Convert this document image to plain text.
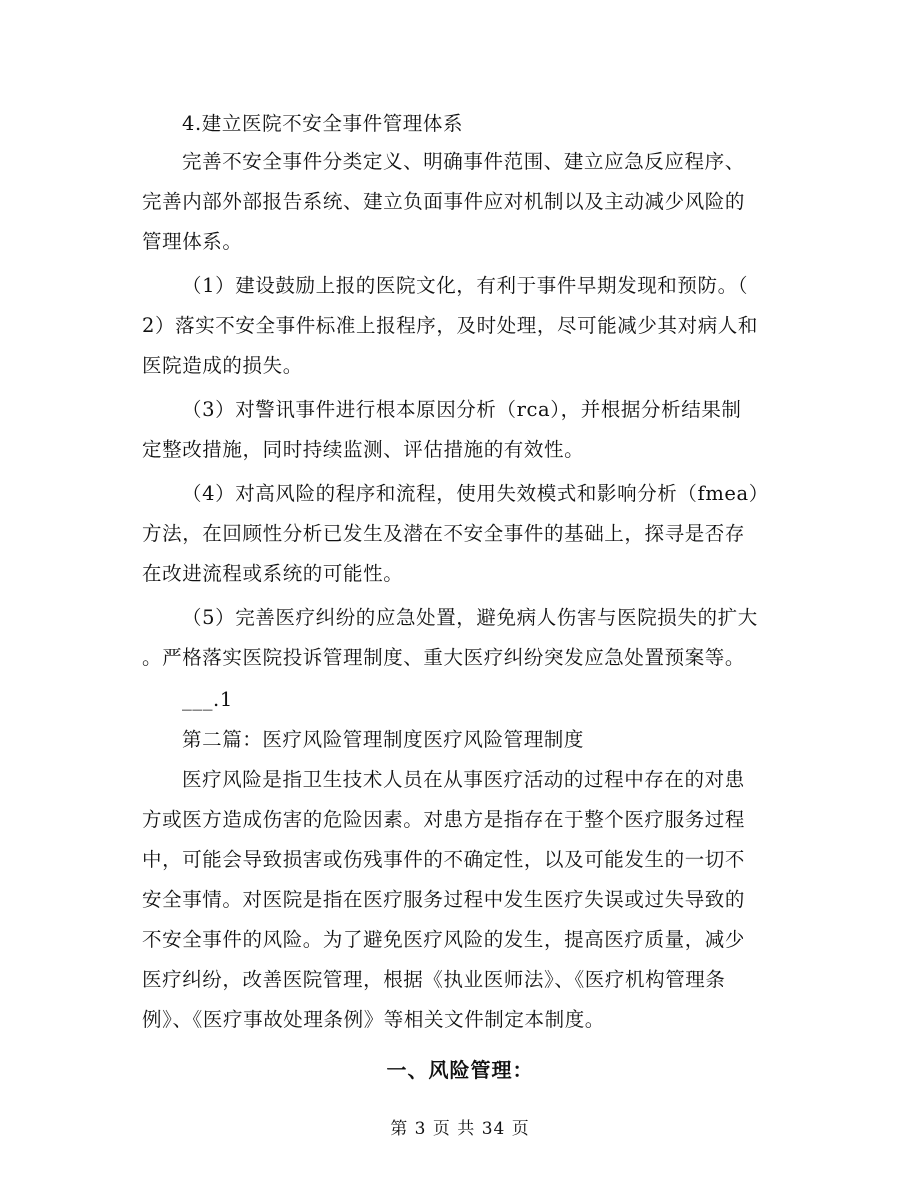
4.建立医院不安全事件管理体系
完善不安全事件分类定义、明确事件范围、建立应急反应程序、
完善内部外部报告系统、建立负面事件应对机制以及主动减少风险的
管理体系。
（1）建设鼓励上报的医院文化，有利于事件早期发现和预防。（
2）落实不安全事件标准上报程序，及时处理，尽可能减少其对病人和
医院造成的损失。
（3）对警讯事件进行根本原因分析（rca），并根据分析结果制
定整改措施，同时持续监测、评估措施的有效性。
（4）对高风险的程序和流程，使用失效模式和影响分析（fmea）
方法，在回顾性分析已发生及潜在不安全事件的基础上，探寻是否存
在改进流程或系统的可能性。
（5）完善医疗纠纷的应急处置，避免病人伤害与医院损失的扩大
。严格落实医院投诉管理制度、重大医疗纠纷突发应急处置预案等。
___.1
第二篇：医疗风险管理制度医疗风险管理制度
医疗风险是指卫生技术人员在从事医疗活动的过程中存在的对患
方或医方造成伤害的危险因素。对患方是指存在于整个医疗服务过程
中，可能会导致损害或伤残事件的不确定性，以及可能发生的一切不
安全事情。对医院是指在医疗服务过程中发生医疗失误或过失导致的
不安全事件的风险。为了避免医疗风险的发生，提高医疗质量，减少
医疗纠纷，改善医院管理，根据《执业医师法》、《医疗机构管理条
例》、《医疗事故处理条例》等相关文件制定本制度。
一、风险管理：
第 3 页 共 34 页
